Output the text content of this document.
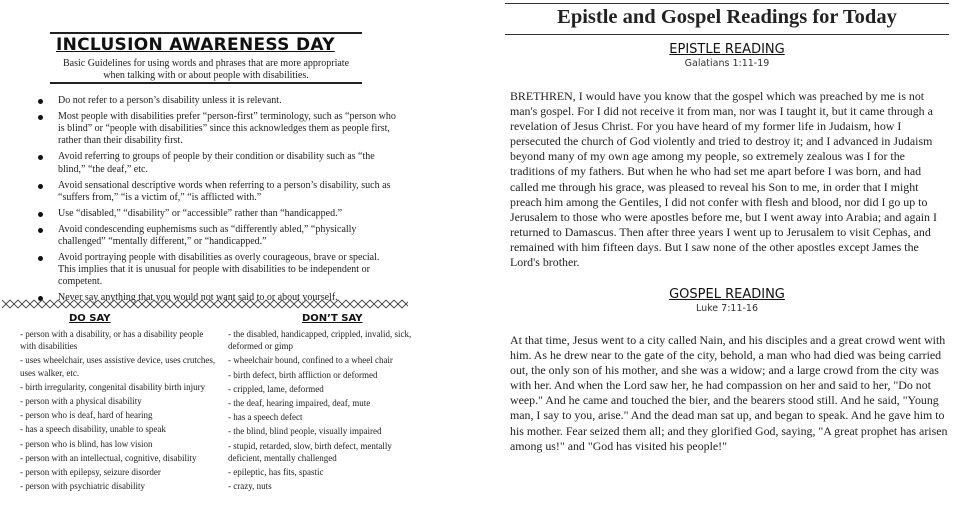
INCLUSION AWARENESS DAY
Basic Guidelines for using words and phrases that are more appropriate
when talking with or about people with disabilities.
Do not refer to a person’s disability unless it is relevant.
Most people with disabilities prefer “person-first” terminology, such as “person who is blind” or “people with disabilities” since this acknowledges them as people first, rather than their disability first.
Avoid referring to groups of people by their condition or disability such as “the blind,” “the deaf,” etc.
Avoid sensational descriptive words when referring to a person’s disability, such as “suffers from,” “is a victim of,” “is afflicted with.”
Use “disabled,” “disability” or “accessible” rather than “handicapped.”
Avoid condescending euphemisms such as “differently abled,” “physically challenged” “mentally different,” or “handicapped.”
Avoid portraying people with disabilities as overly courageous, brave or special. This implies that it is unusual for people with disabilities to be independent or competent.
Never say anything that you would not want said to or about yourself.
DO SAY	DON’T SAY
- person with a disability, or has a disability people with disabilities
- uses wheelchair, uses assistive device, uses crutches, uses walker, etc.
- birth irregularity, congenital disability birth injury
- person with a physical disability
- person who is deaf, hard of hearing
- has a speech disability, unable to speak
- person who is blind, has low vision
- person with an intellectual, cognitive, disability
- person with epilepsy, seizure disorder
- person with psychiatric disability
- the disabled, handicapped, crippled, invalid, sick, deformed or gimp
- wheelchair bound, confined to a wheel chair
- birth defect, birth affliction or deformed
- crippled, lame, deformed
- the deaf, hearing impaired, deaf, mute
- has a speech defect
- the blind, blind people, visually impaired
- stupid, retarded, slow, birth defect, mentally deficient, mentally challenged
- epileptic, has fits, spastic
- crazy, nuts
Epistle and Gospel Readings for Today
EPISTLE READING
Galatians 1:11-19
BRETHREN, I would have you know that the gospel which was preached by me is not man's gospel. For I did not receive it from man, nor was I taught it, but it came through a revelation of Jesus Christ. For you have heard of my former life in Judaism, how I persecuted the church of God violently and tried to destroy it; and I advanced in Judaism beyond many of my own age among my people, so extremely zealous was I for the traditions of my fathers. But when he who had set me apart before I was born, and had called me through his grace, was pleased to reveal his Son to me, in order that I might preach him among the Gentiles, I did not confer with flesh and blood, nor did I go up to Jerusalem to those who were apostles before me, but I went away into Arabia; and again I returned to Damascus. Then after three years I went up to Jerusalem to visit Cephas, and remained with him fifteen days. But I saw none of the other apostles except James the Lord's brother.
GOSPEL READING
Luke 7:11-16
At that time, Jesus went to a city called Nain, and his disciples and a great crowd went with him. As he drew near to the gate of the city, behold, a man who had died was being carried out, the only son of his mother, and she was a widow; and a large crowd from the city was with her. And when the Lord saw her, he had compassion on her and said to her, "Do not weep." And he came and touched the bier, and the bearers stood still. And he said, "Young man, I say to you, arise." And the dead man sat up, and began to speak. And he gave him to his mother. Fear seized them all; and they glorified God, saying, "A great prophet has arisen among us!" and "God has visited his people!"
